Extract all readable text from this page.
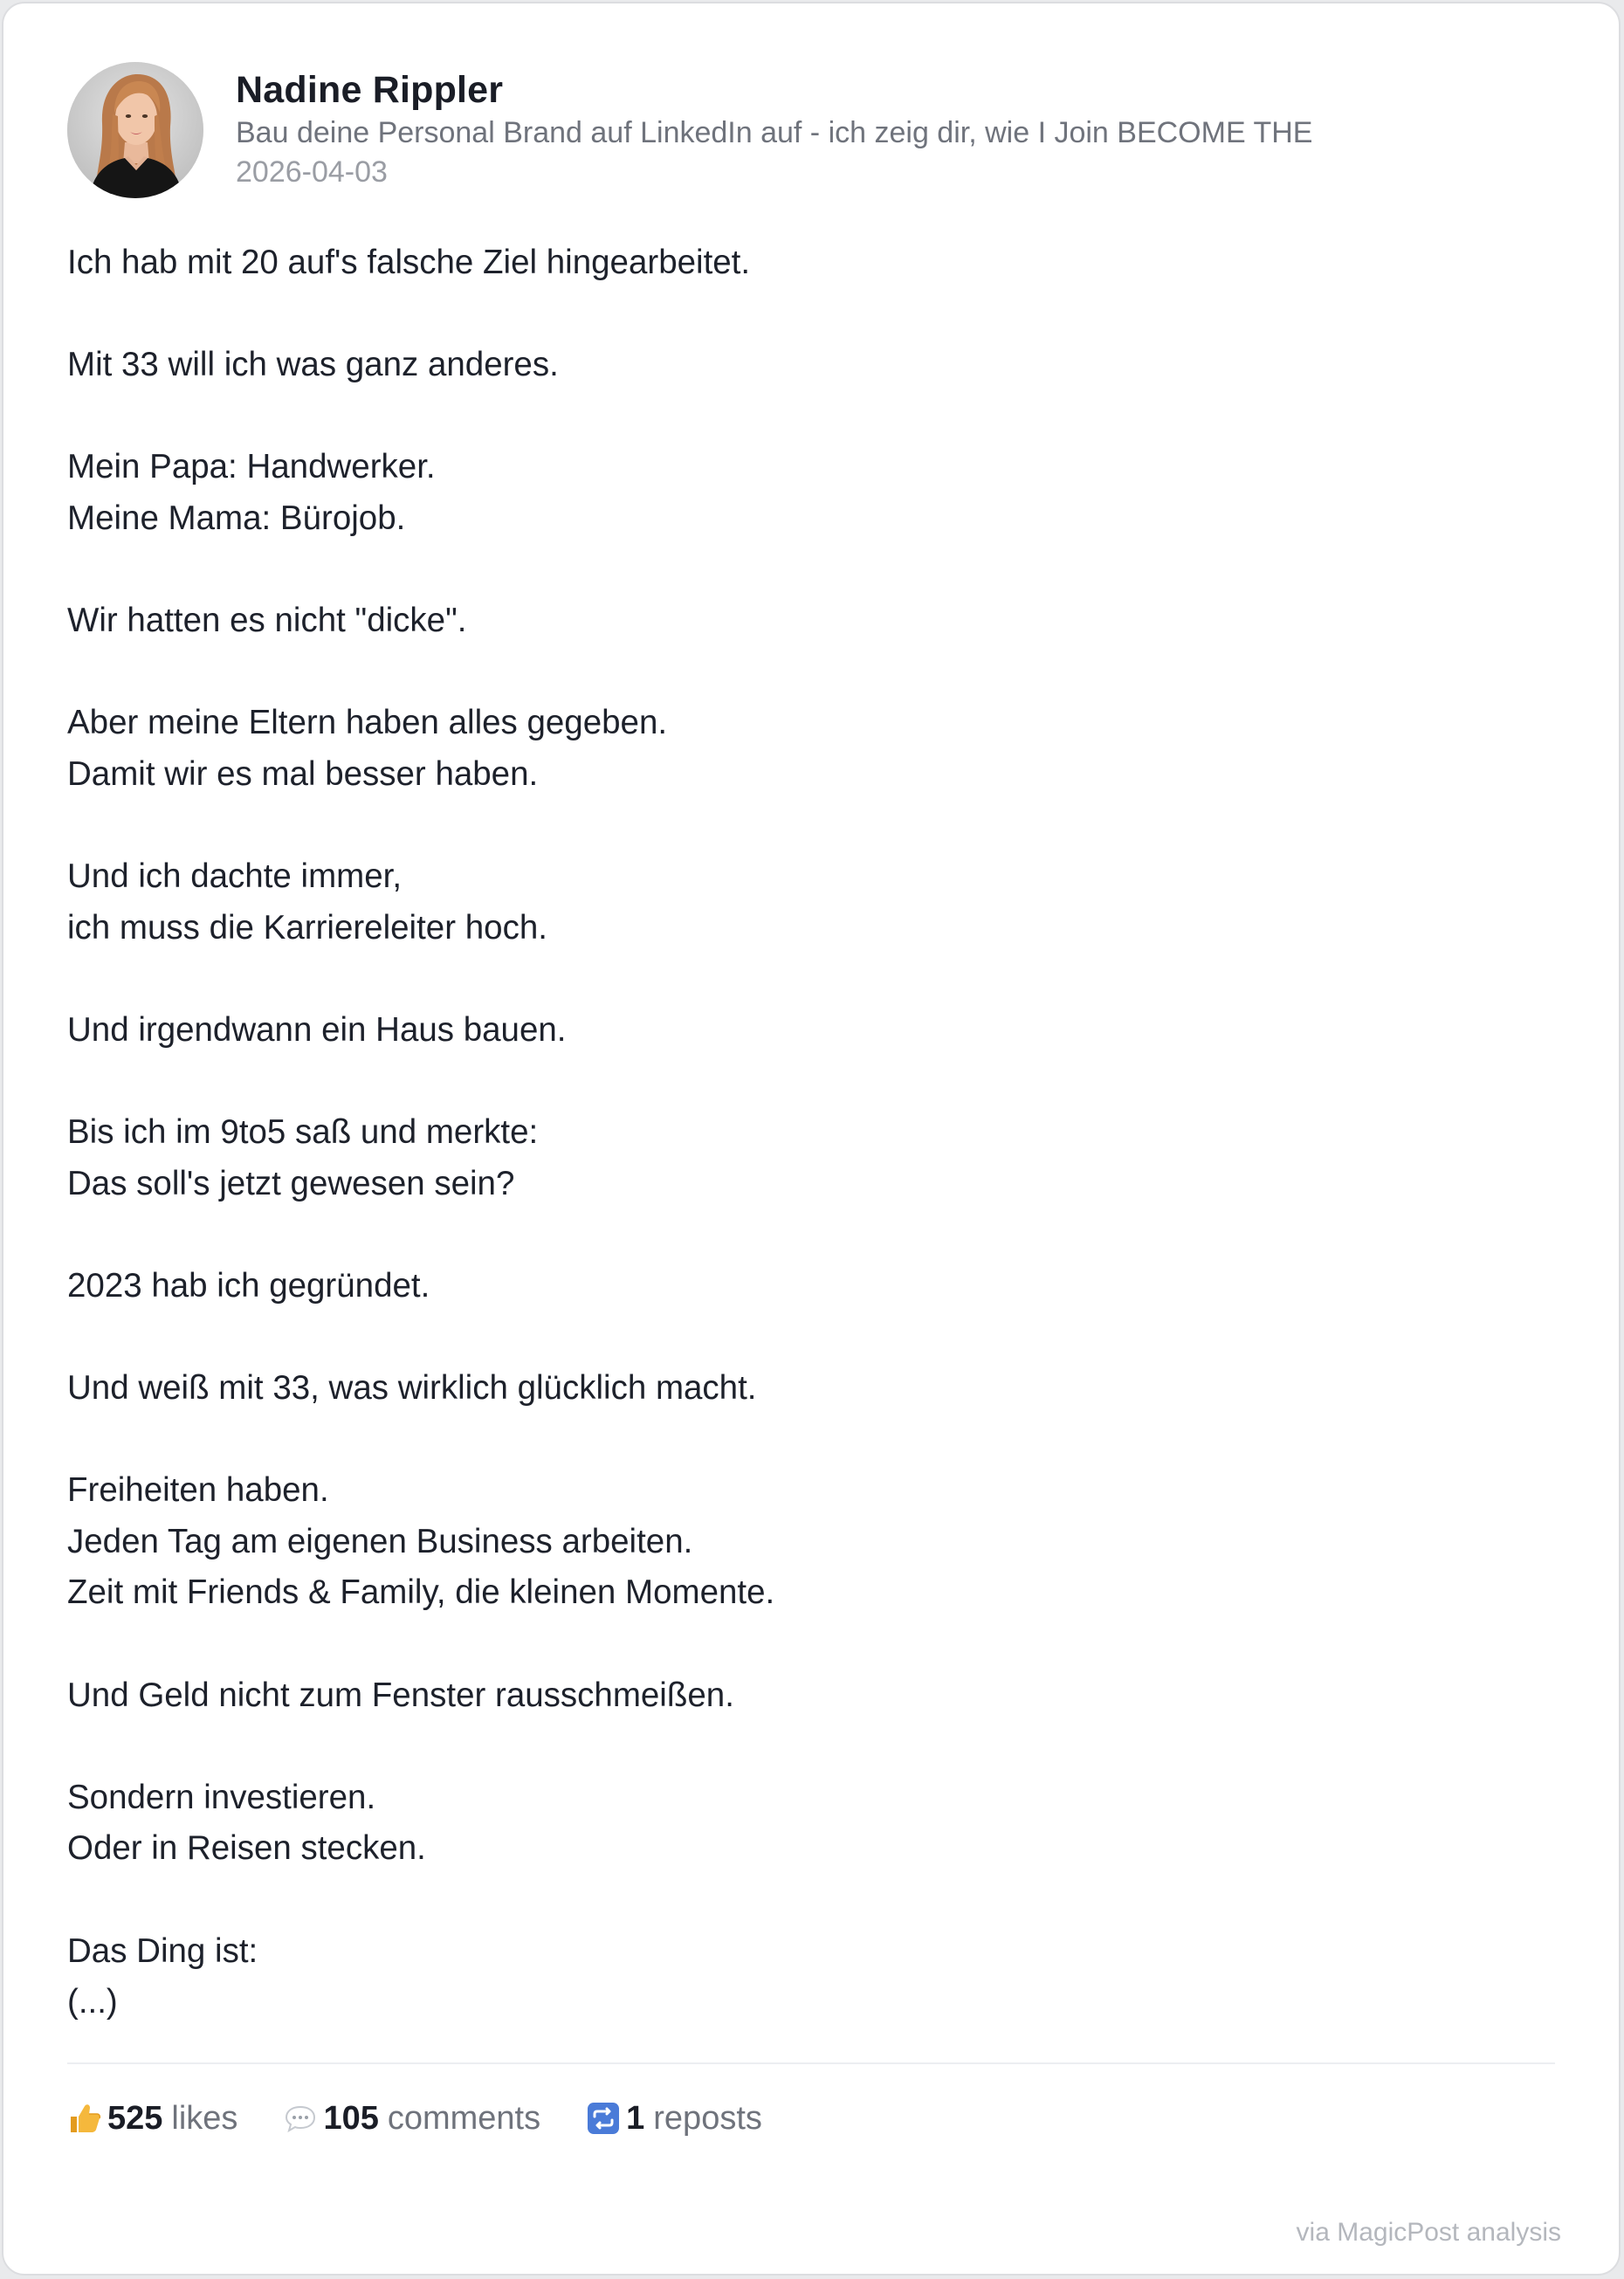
Nadine Rippler
Bau deine Personal Brand auf LinkedIn auf - ich zeig dir, wie I Join BECOME THE
2026-04-03
Ich hab mit 20 auf's falsche Ziel hingearbeitet.
Mit 33 will ich was ganz anderes.
Mein Papa: Handwerker.
Meine Mama: Bürojob.
Wir hatten es nicht "dicke".
Aber meine Eltern haben alles gegeben.
Damit wir es mal besser haben.
Und ich dachte immer,
ich muss die Karriereleiter hoch.
Und irgendwann ein Haus bauen.
Bis ich im 9to5 saß und merkte:
Das soll's jetzt gewesen sein?
2023 hab ich gegründet.
Und weiß mit 33, was wirklich glücklich macht.
Freiheiten haben.
Jeden Tag am eigenen Business arbeiten.
Zeit mit Friends & Family, die kleinen Momente.
Und Geld nicht zum Fenster rausschmeißen.
Sondern investieren.
Oder in Reisen stecken.
Das Ding ist:
(...)
525 likes	105 comments	1 reposts
via MagicPost analysis
